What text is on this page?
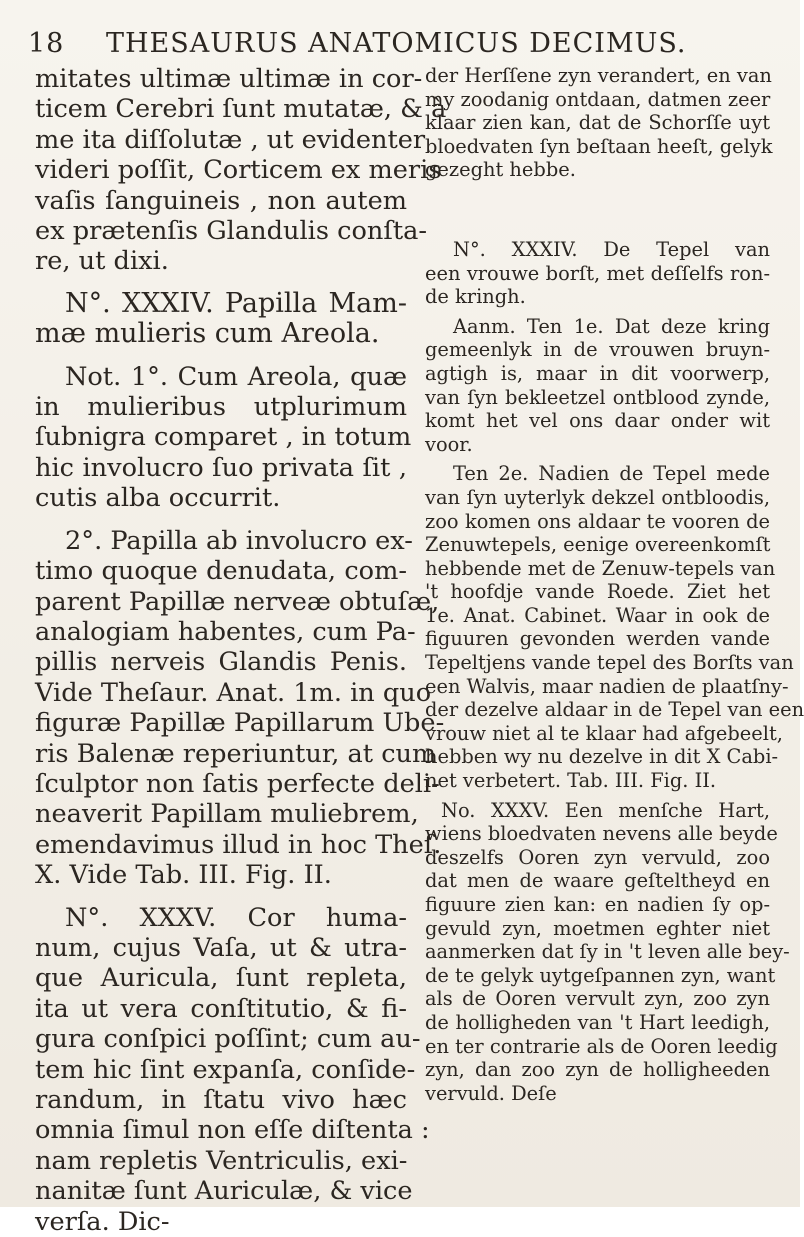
18 THESAURUS ANATOMICUS DECIMUS.
mitates ultimæ ultimæ in cor-
ticem Cerebri ſunt mutatæ, & à
me ita diſſolutæ , ut evidenter
videri poſſit, Corticem ex meris
vaſis ſanguineis , non autem
ex prætenſis Glandulis conſta-
re, ut dixi.
N°. XXXIV. Papilla Mam-
mæ mulieris cum Areola.
Not. 1°. Cum Areola, quæ
in mulieribus utplurimum
ſubnigra comparet , in totum
hic involucro ſuo privata ſit ,
cutis alba occurrit.
2°. Papilla ab involucro ex-
timo quoque denudata, com-
parent Papillæ nerveæ obtuſæ,
analogiam habentes, cum Pa-
pillis nerveis Glandis Penis.
Vide Theſaur. Anat. 1m. in quo
figuræ Papillæ Papillarum Ube-
ris Balenæ reperiuntur, at cum
ſculptor non ſatis perfecte deli-
neaverit Papillam muliebrem,
emendavimus illud in hoc Theſ.
X. Vide Tab. III. Fig. II.
N°. XXXV. Cor huma-
num, cujus Vaſa, ut & utra-
que Auricula, ſunt repleta,
ita ut vera conſtitutio, & fi-
gura conſpici poſſint; cum au-
tem hic ſint expanſa, conſide-
randum, in ſtatu vivo hæc
omnia ſimul non eſſe diſtenta :
nam repletis Ventriculis, exi-
nanitæ ſunt Auriculæ, & vice
verſa. Dic-
der Herſſene zyn verandert, en van
my zoodanig ontdaan, datmen zeer
klaar zien kan, dat de Schorſſe uyt
bloedvaten ſyn beſtaan heeſt, gelyk
gezeght hebbe.
N°. XXXIV. De Tepel van
een vrouwe borſt, met deſſelfs ron-
de kringh.
Aanm. Ten 1e. Dat deze kring
gemeenlyk in de vrouwen bruyn-
agtigh is, maar in dit voorwerp,
van ſyn bekleetzel ontblood zynde,
komt het vel ons daar onder wit
voor.
Ten 2e. Nadien de Tepel mede
van ſyn uyterlyk dekzel ontbloodis,
zoo komen ons aldaar te vooren de
Zenuwtepels, eenige overeenkomſt
hebbende met de Zenuw-tepels van
't hoofdje vande Roede. Ziet het
1e. Anat. Cabinet. Waar in ook de
figuuren gevonden werden vande
Tepeltjens vande tepel des Borſts van
een Walvis, maar nadien de plaatſny-
der dezelve aldaar in de Tepel van een
vrouw niet al te klaar had afgebeelt,
hebben wy nu dezelve in dit X Cabi-
net verbetert. Tab. III. Fig. II.
No. XXXV. Een menſche Hart,
wiens bloedvaten nevens alle beyde
deszelfs Ooren zyn vervuld, zoo
dat men de waare geſteltheyd en
figuure zien kan: en nadien ſy op-
gevuld zyn, moetmen eghter niet
aanmerken dat ſy in 't leven alle bey-
de te gelyk uytgeſpannen zyn, want
als de Ooren vervult zyn, zoo zyn
de holligheden van 't Hart leedigh,
en ter contrarie als de Ooren leedig
zyn, dan zoo zyn de holligheeden
vervuld. Deſe
